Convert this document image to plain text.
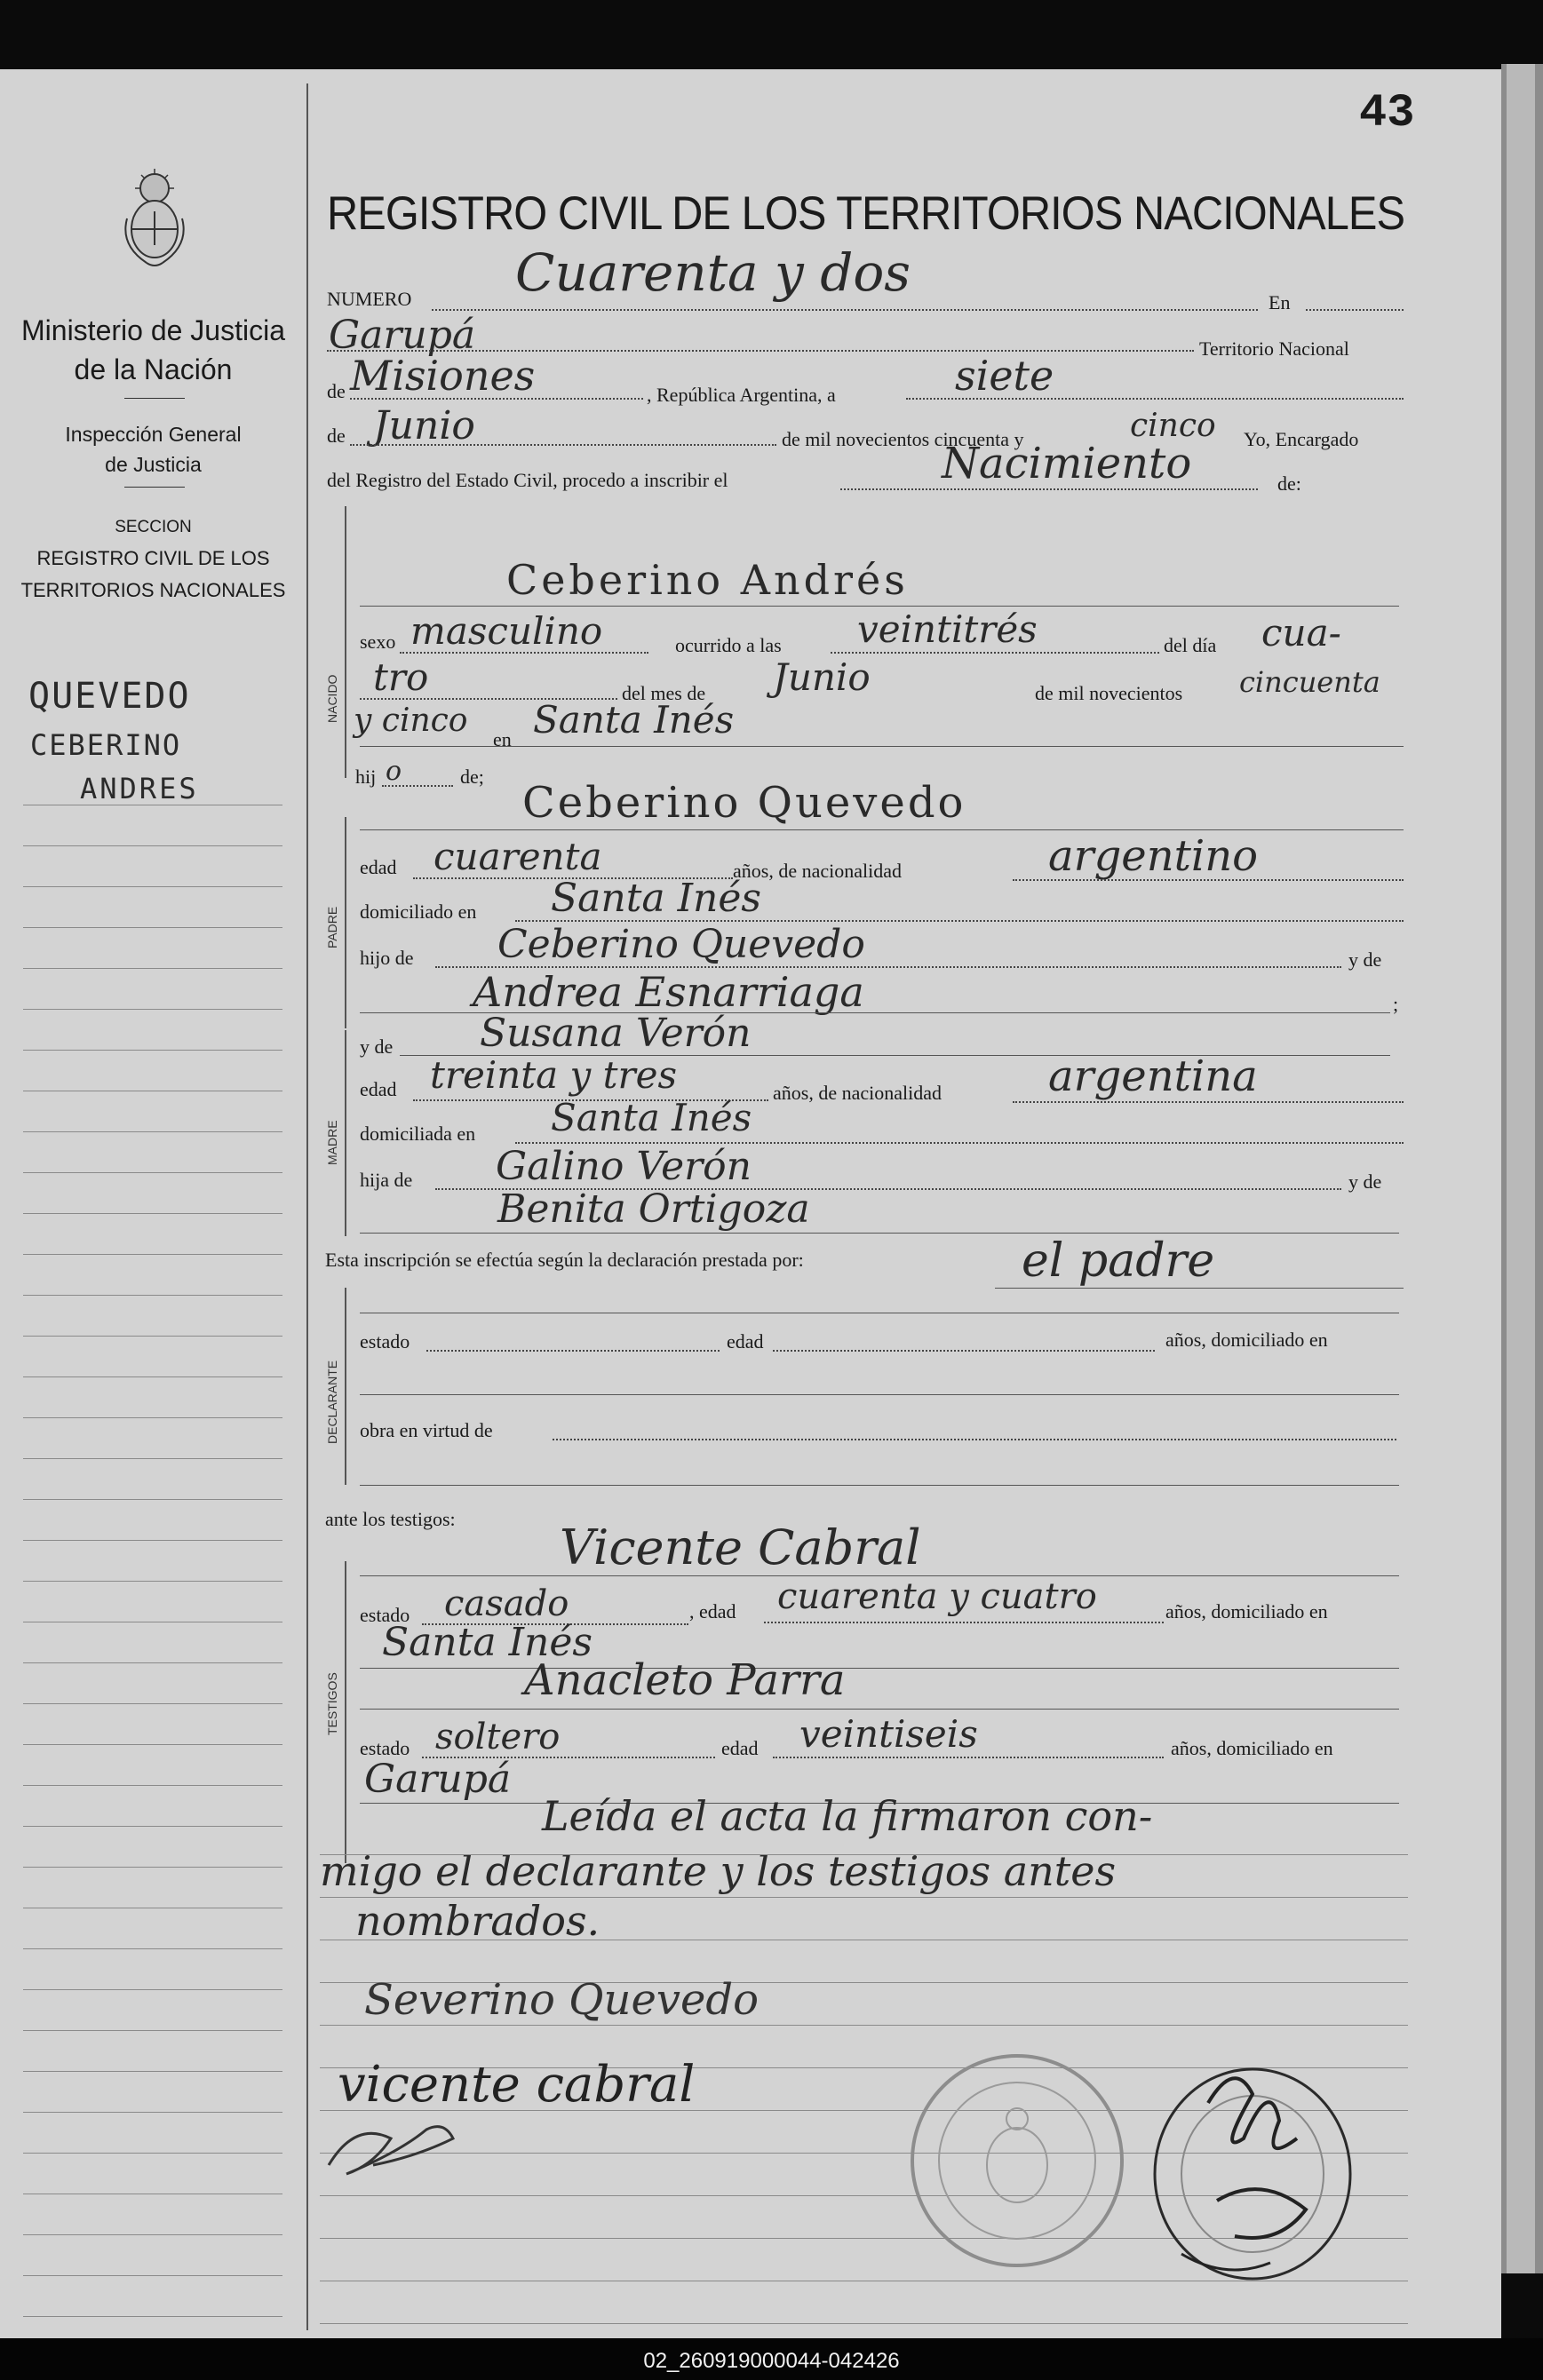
43
Ministerio de Justicia
de la Nación
Inspección General
de Justicia
SECCION
REGISTRO CIVIL DE LOS
TERRITORIOS NACIONALES
QUEVEDO
CEBERINO
ANDRES
REGISTRO CIVIL DE LOS TERRITORIOS NACIONALES
NUMERO Cuarenta y dos	En
Garupá	Territorio Nacional
de Misiones	, República Argentina, a	siete
de Junio	de mil novecientos cincuenta y	cinco Yo, Encargado
del Registro del Estado Civil, procedo a inscribir el	Nacimiento	de:
NACIDO
Ceberino Andrés
sexo masculino	ocurrido a las veintitrés	del día cua-
tro	del mes de Junio	de mil novecientos cincuenta
y cinco
en Santa Inés
hij o	de;
PADRE
Ceberino Quevedo
edad cuarenta	años, de nacionalidad	argentino
domiciliado en Santa Inés
hijo de Ceberino Quevedo	y de
Andrea Esnarriaga	;
MADRE
y de Susana Verón
edad treinta y tres	años, de nacionalidad	argentina
domiciliada en Santa Inés
hija de Galino Verón	y de
Benita Ortigoza
Esta inscripción se efectúa según la declaración prestada por:	el padre
DECLARANTE
estado	edad	años, domiciliado en
obra en virtud de
ante los testigos:
TESTIGOS
Vicente Cabral
estado casado	, edad cuarenta y cuatro	años, domiciliado en
Santa Inés
Anacleto Parra
estado soltero	edad veintiseis	años, domiciliado en
Garupá
Leída el acta la firmaron con-
migo el declarante y los testigos antes
nombrados.
Severino Quevedo
vicente cabral
02_260919000044-042426
